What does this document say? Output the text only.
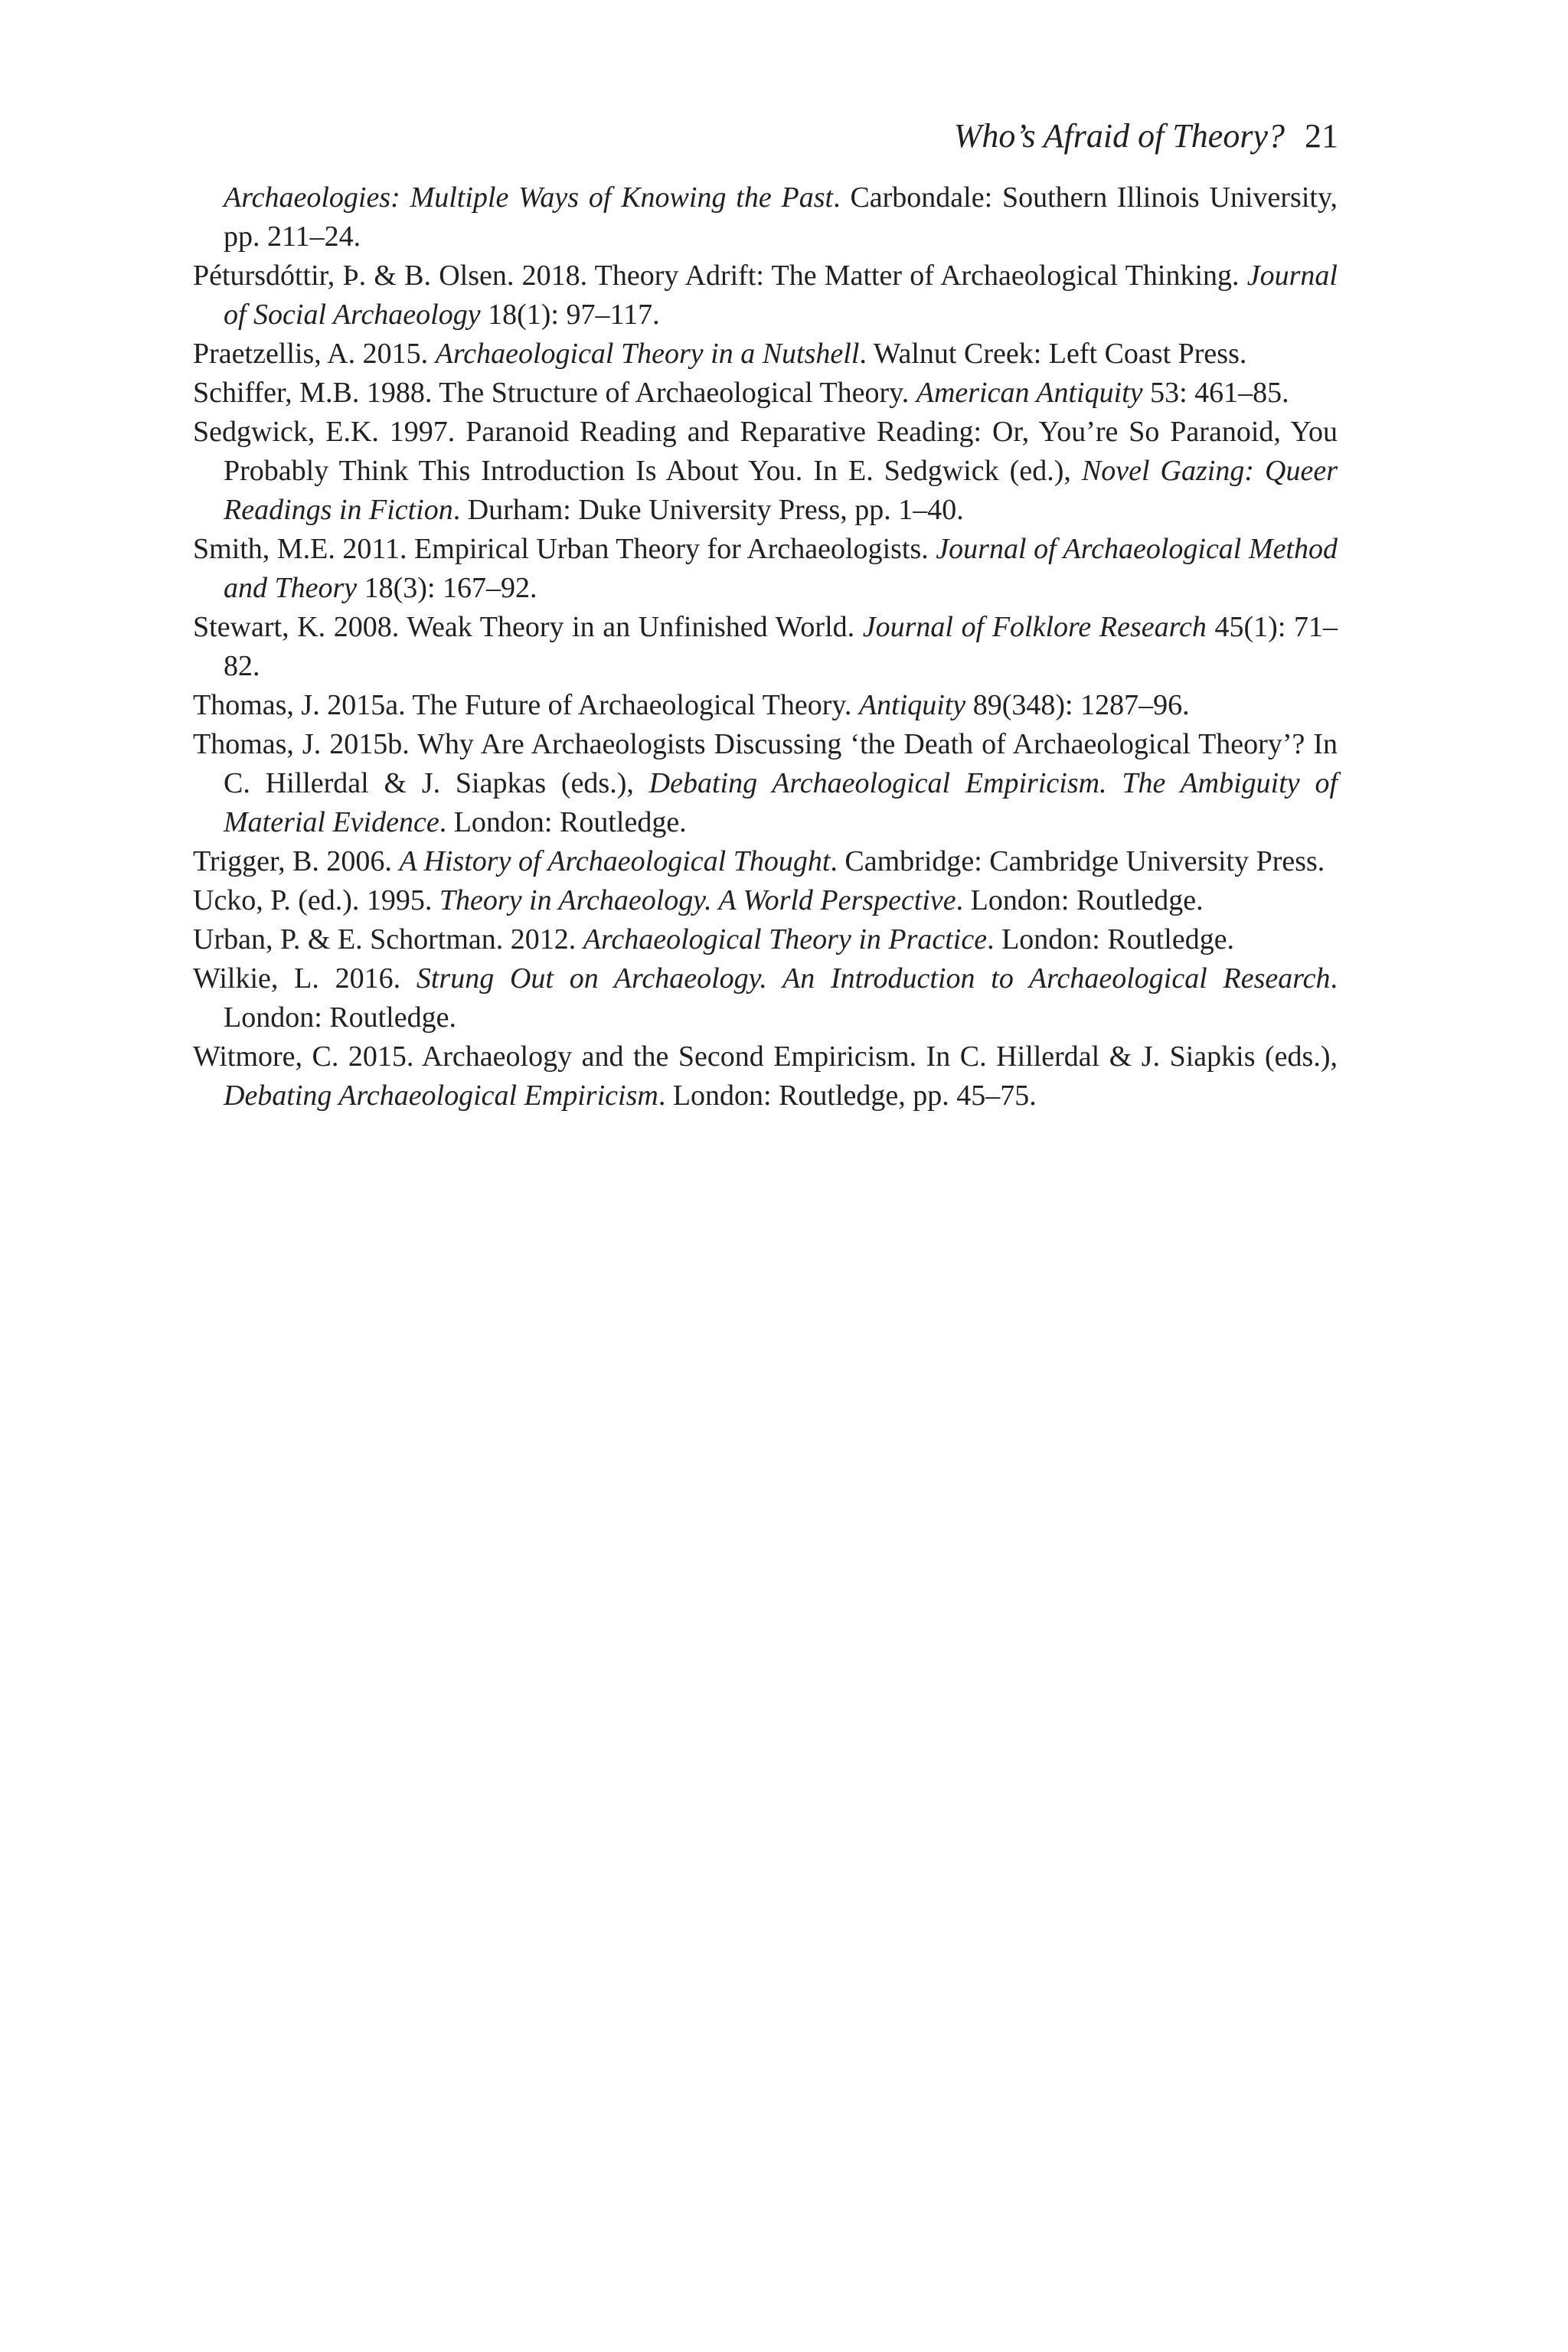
Who’s Afraid of Theory? 21

Archaeologies: Multiple Ways of Knowing the Past. Carbondale: Southern Illinois University, pp. 211–24.

Pétursdóttir, Þ. & B. Olsen. 2018. Theory Adrift: The Matter of Archaeological Thinking. Journal of Social Archaeology 18(1): 97–117.

Praetzellis, A. 2015. Archaeological Theory in a Nutshell. Walnut Creek: Left Coast Press.

Schiffer, M.B. 1988. The Structure of Archaeological Theory. American Antiquity 53: 461–85.

Sedgwick, E.K. 1997. Paranoid Reading and Reparative Reading: Or, You’re So Paranoid, You Probably Think This Introduction Is About You. In E. Sedgwick (ed.), Novel Gazing: Queer Readings in Fiction. Durham: Duke University Press, pp. 1–40.

Smith, M.E. 2011. Empirical Urban Theory for Archaeologists. Journal of Archaeological Method and Theory 18(3): 167–92.

Stewart, K. 2008. Weak Theory in an Unfinished World. Journal of Folklore Research 45(1): 71–82.

Thomas, J. 2015a. The Future of Archaeological Theory. Antiquity 89(348): 1287–96.

Thomas, J. 2015b. Why Are Archaeologists Discussing ‘the Death of Archaeological Theory’? In C. Hillerdal & J. Siapkas (eds.), Debating Archaeological Empiricism. The Ambiguity of Material Evidence. London: Routledge.

Trigger, B. 2006. A History of Archaeological Thought. Cambridge: Cambridge University Press.

Ucko, P. (ed.). 1995. Theory in Archaeology. A World Perspective. London: Routledge.

Urban, P. & E. Schortman. 2012. Archaeological Theory in Practice. London: Routledge.

Wilkie, L. 2016. Strung Out on Archaeology. An Introduction to Archaeological Research. London: Routledge.

Witmore, C. 2015. Archaeology and the Second Empiricism. In C. Hillerdal & J. Siapkis (eds.), Debating Archaeological Empiricism. London: Routledge, pp. 45–75.
